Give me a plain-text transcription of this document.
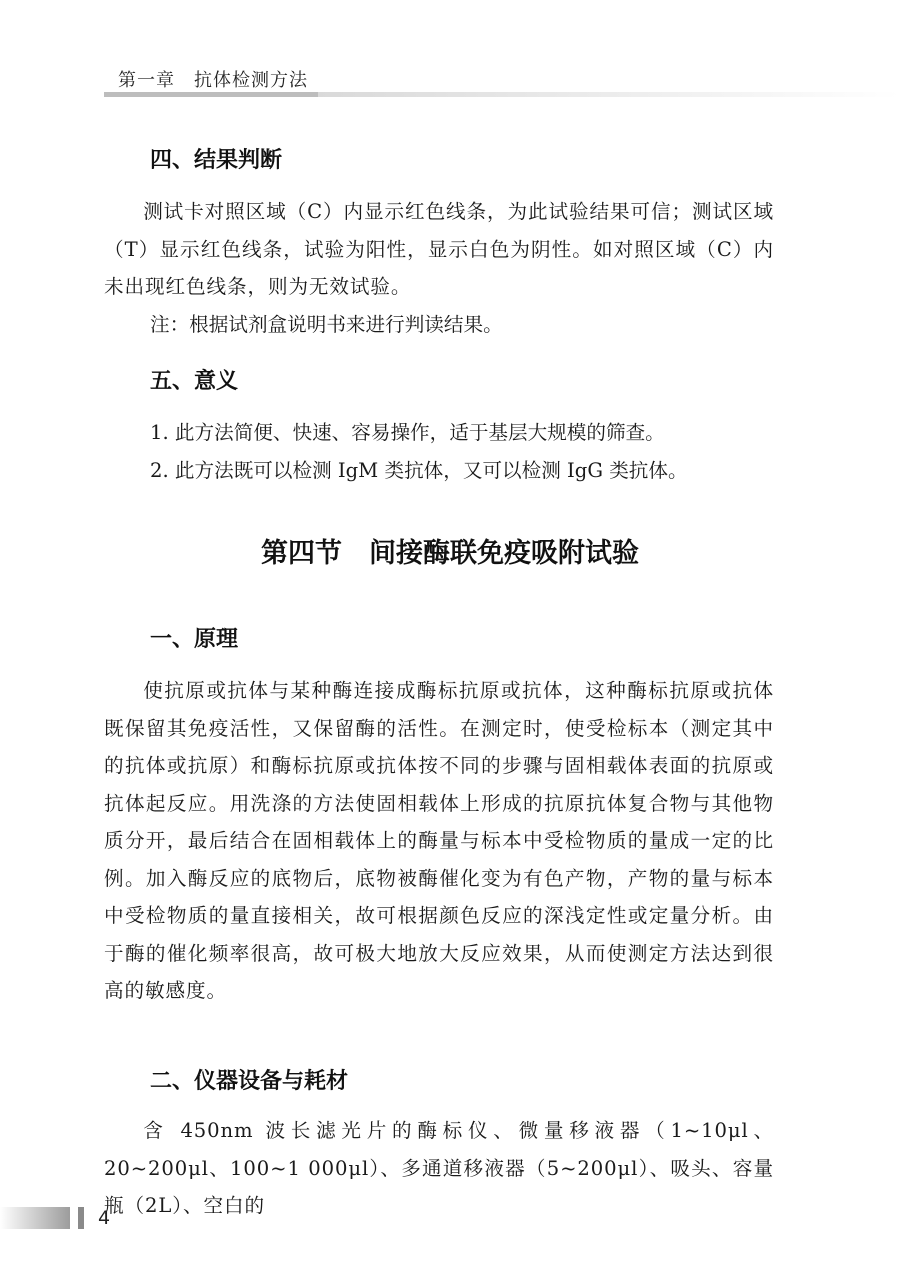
第一章　抗体检测方法
四、结果判断
测试卡对照区域（C）内显示红色线条，为此试验结果可信；测试区域（T）显示红色线条，试验为阳性，显示白色为阴性。如对照区域（C）内未出现红色线条，则为无效试验。
注：根据试剂盒说明书来进行判读结果。
五、意义
1. 此方法简便、快速、容易操作，适于基层大规模的筛查。
2. 此方法既可以检测 IgM 类抗体，又可以检测 IgG 类抗体。
第四节　间接酶联免疫吸附试验
一、原理
使抗原或抗体与某种酶连接成酶标抗原或抗体，这种酶标抗原或抗体既保留其免疫活性，又保留酶的活性。在测定时，使受检标本（测定其中的抗体或抗原）和酶标抗原或抗体按不同的步骤与固相载体表面的抗原或抗体起反应。用洗涤的方法使固相载体上形成的抗原抗体复合物与其他物质分开，最后结合在固相载体上的酶量与标本中受检物质的量成一定的比例。加入酶反应的底物后，底物被酶催化变为有色产物，产物的量与标本中受检物质的量直接相关，故可根据颜色反应的深浅定性或定量分析。由于酶的催化频率很高，故可极大地放大反应效果，从而使测定方法达到很高的敏感度。
二、仪器设备与耗材
含 450nm 波长滤光片的酶标仪、微量移液器（1~10μl、20~200μl、100~1 000μl）、多通道移液器（5~200μl）、吸头、容量瓶（2L）、空白的
4
